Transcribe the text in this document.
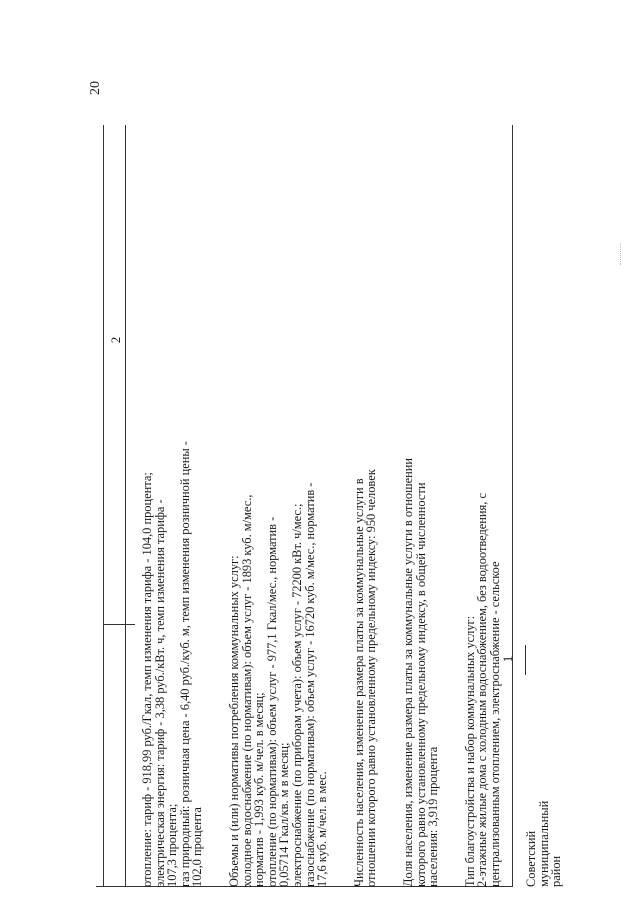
20
2
1

отопление: тариф - 918,99 руб./Гкал, темп изменения тарифа - 104,0 процента;
электрическая энергия: тариф - 3,38 руб./кВт. ч, темп изменения тарифа -
107,3 процента;
газ природный: розничная цена - 6,40 руб./куб. м, темп изменения розничной цены -
102,0 процента Объемы и (или) нормативы потребления коммунальных услуг:
холодное водоснабжение (по нормативам): объем услуг - 1893 куб. м/мес.,
норматив - 1,993 куб. м/чел. в месяц;
отопление (по нормативам): объем услуг - 977,1 Гкал/мес., норматив -
0,05714 Гкал/кв. м в месяц;
электроснабжение (по приборам учета): объем услуг - 72200 кВт. ч/мес.;
газоснабжение (по нормативам): объем услуг - 16720 куб. м/мес., норматив -
17,6 куб. м/чел. в мес. Численность населения, изменение размера платы за коммунальные услуги в
отношении которого равно установленному предельному индексу: 950 человек Доля населения, изменение размера платы за коммунальные услуги в отношении
которого равно установленному предельному индексу, в общей численности
населения: 3,919 процента Тип благоустройства и набор коммунальных услуг:
2-этажные жилые дома с холодным водоснабжением, без водоотведения, с
централизованным отоплением, электроснабжение - сельское Советский муниципальный
район
